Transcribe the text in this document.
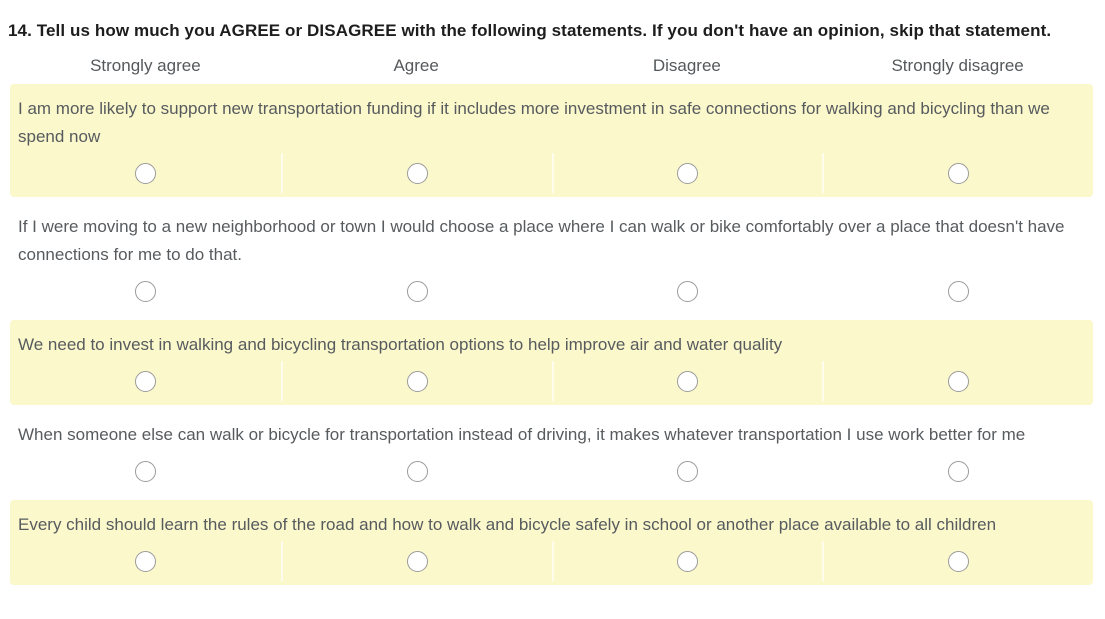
14. Tell us how much you AGREE or DISAGREE with the following statements. If you don't have an opinion, skip that statement.
Strongly agree	Agree	Disagree	Strongly disagree
I am more likely to support new transportation funding if it includes more investment in safe connections for walking and bicycling than we spend now
If I were moving to a new neighborhood or town I would choose a place where I can walk or bike comfortably over a place that doesn't have connections for me to do that.
We need to invest in walking and bicycling transportation options to help improve air and water quality
When someone else can walk or bicycle for transportation instead of driving, it makes whatever transportation I use work better for me
Every child should learn the rules of the road and how to walk and bicycle safely in school or another place available to all children
